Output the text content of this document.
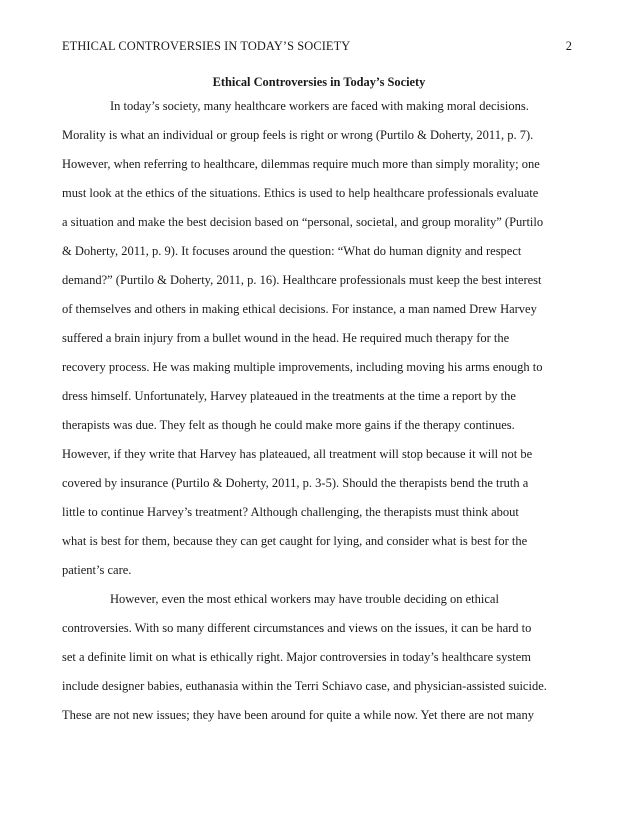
ETHICAL CONTROVERSIES IN TODAY’S SOCIETY	2
Ethical Controversies in Today’s Society
In today’s society, many healthcare workers are faced with making moral decisions.
Morality is what an individual or group feels is right or wrong (Purtilo & Doherty, 2011, p. 7).
However, when referring to healthcare, dilemmas require much more than simply morality; one
must look at the ethics of the situations. Ethics is used to help healthcare professionals evaluate
a situation and make the best decision based on “personal, societal, and group morality” (Purtilo
& Doherty, 2011, p. 9). It focuses around the question: “What do human dignity and respect
demand?” (Purtilo & Doherty, 2011, p. 16). Healthcare professionals must keep the best interest
of themselves and others in making ethical decisions. For instance, a man named Drew Harvey
suffered a brain injury from a bullet wound in the head. He required much therapy for the
recovery process. He was making multiple improvements, including moving his arms enough to
dress himself. Unfortunately, Harvey plateaued in the treatments at the time a report by the
therapists was due. They felt as though he could make more gains if the therapy continues.
However, if they write that Harvey has plateaued, all treatment will stop because it will not be
covered by insurance (Purtilo & Doherty, 2011, p. 3-5). Should the therapists bend the truth a
little to continue Harvey’s treatment? Although challenging, the therapists must think about
what is best for them, because they can get caught for lying, and consider what is best for the
patient’s care.
However, even the most ethical workers may have trouble deciding on ethical
controversies. With so many different circumstances and views on the issues, it can be hard to
set a definite limit on what is ethically right. Major controversies in today’s healthcare system
include designer babies, euthanasia within the Terri Schiavo case, and physician-assisted suicide.
These are not new issues; they have been around for quite a while now. Yet there are not many
